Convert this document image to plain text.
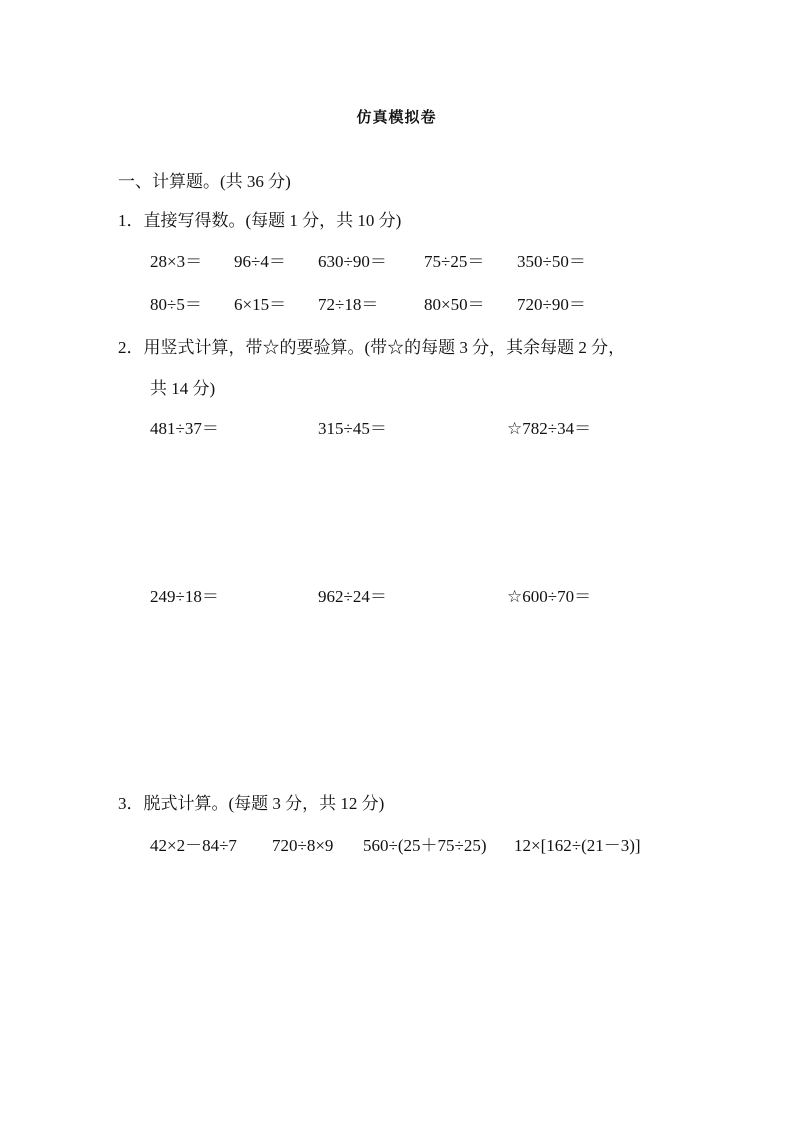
仿真模拟卷
一、计算题。(共 36 分)
1．直接写得数。(每题 1 分，共 10 分)
28×3＝ 96÷4＝ 630÷90＝ 75÷25＝ 350÷50＝
80÷5＝ 6×15＝ 72÷18＝	80×50＝ 720÷90＝
2．用竖式计算，带☆的要验算。(带☆的每题 3 分，其余每题 2 分，
共 14 分)
481÷37＝	315÷45＝	☆782÷34＝
249÷18＝	962÷24＝	☆600÷70＝
3．脱式计算。(每题 3 分，共 12 分)
42×2－84÷7 720÷8×9 560÷(25＋75÷25) 12×[162÷(21－3)]
